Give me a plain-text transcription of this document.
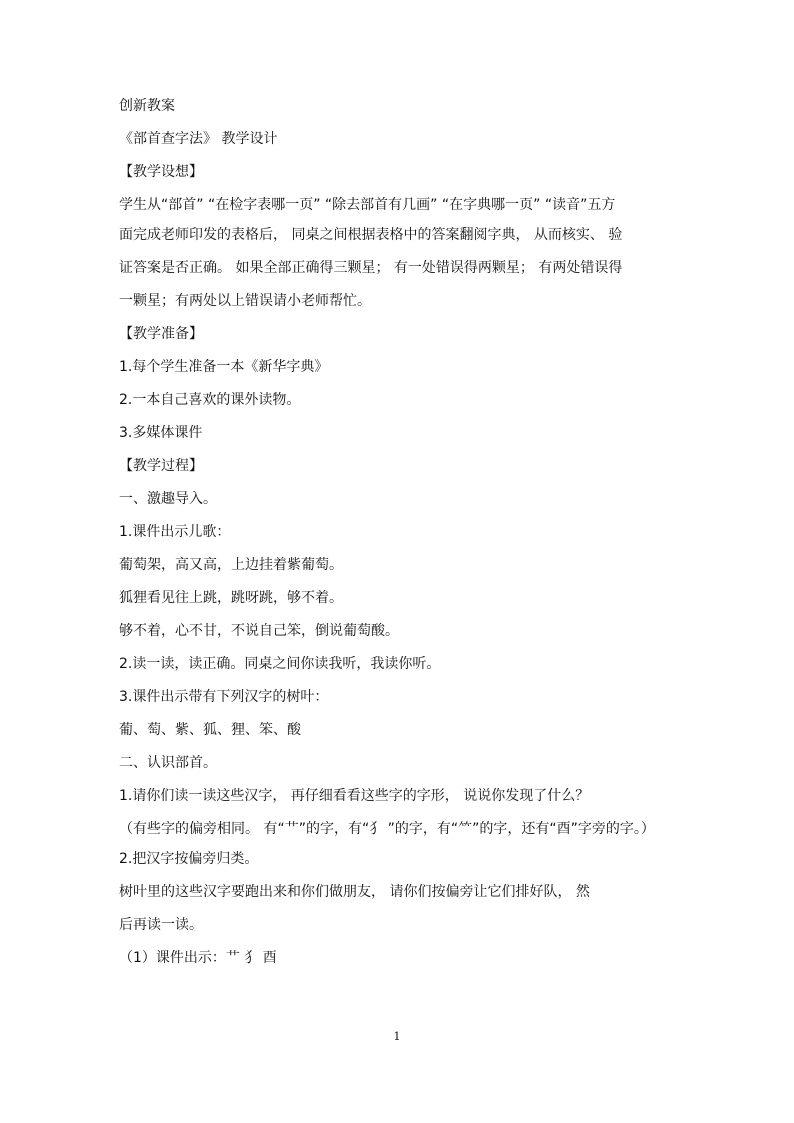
创新教案

《部首查字法》 教学设计

【教学设想】

学生从“部首” “在检字表哪一页” “除去部首有几画” “在字典哪一页” “读音”五方

面完成老师印发的表格后， 同桌之间根据表格中的答案翻阅字典， 从而核实、 验

证答案是否正确。 如果全部正确得三颗星； 有一处错误得两颗星； 有两处错误得

一颗星；有两处以上错误请小老师帮忙。

【教学准备】

1.每个学生准备一本《新华字典》

2.一本自己喜欢的课外读物。

3.多媒体课件

【教学过程】

一、激趣导入。

1.课件出示儿歌：

葡萄架，高又高，上边挂着紫葡萄。

狐狸看见往上跳，跳呀跳，够不着。

够不着，心不甘，不说自己笨，倒说葡萄酸。

2.读一读，读正确。同桌之间你读我听，我读你听。

3.课件出示带有下列汉字的树叶：

葡、萄、紫、狐、狸、笨、酸

二、认识部首。

1.请你们读一读这些汉字， 再仔细看看这些字的字形， 说说你发现了什么？

（有些字的偏旁相同。 有“艹”的字，有“犭 ”的字，有“⺮”的字，还有“酉”字旁的字。）

2.把汉字按偏旁归类。

树叶里的这些汉字要跑出来和你们做朋友， 请你们按偏旁让它们排好队， 然

后再读一读。

（1）课件出示：艹 犭 酉

1
